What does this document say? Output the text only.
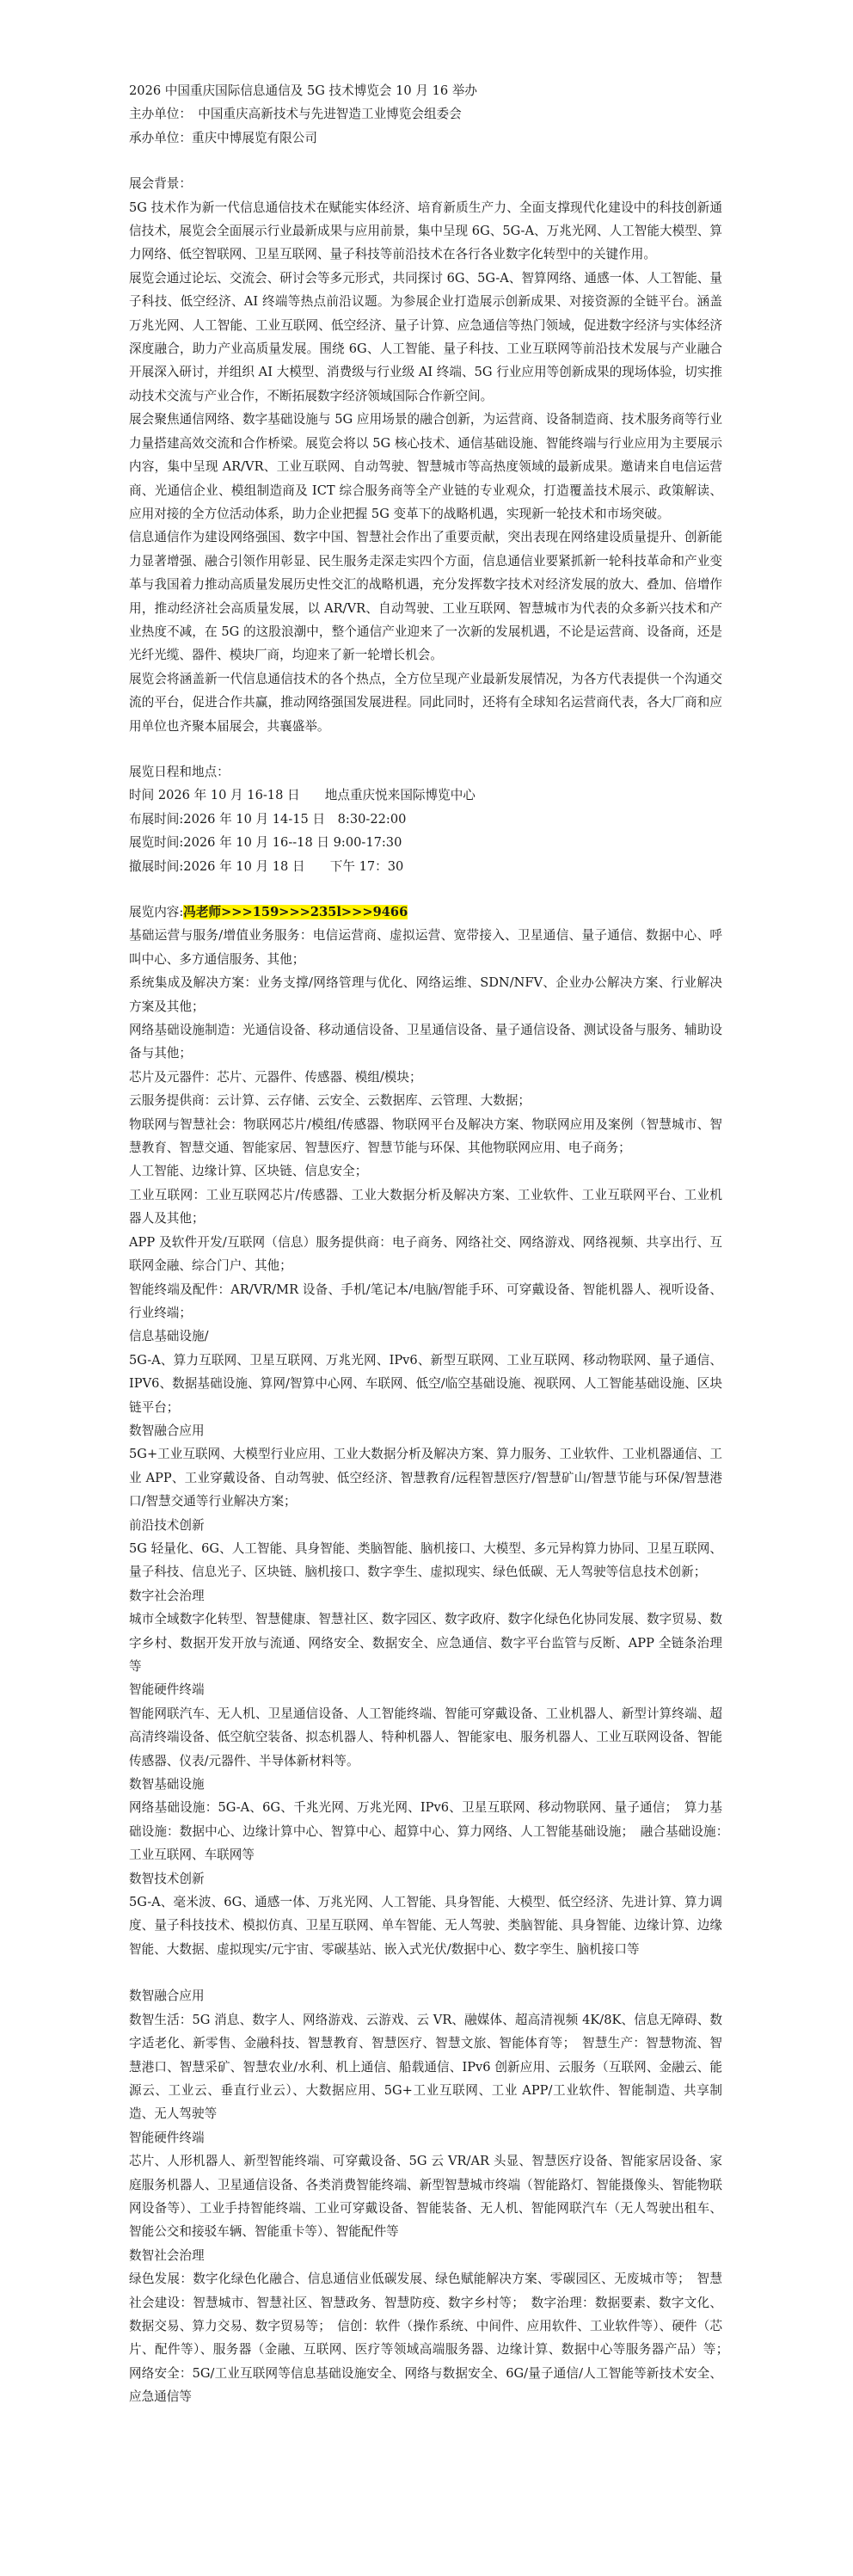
2026 中国重庆国际信息通信及 5G 技术博览会 10 月 16 举办

主办单位：　中国重庆高新技术与先进智造工业博览会组委会

承办单位：重庆中博展览有限公司

展会背景：

5G 技术作为新一代信息通信技术在赋能实体经济、培育新质生产力、全面支撑现代化建设中的科技创新通信技术，展览会全面展示行业最新成果与应用前景，集中呈现 6G、5G-A、万兆光网、人工智能大模型、算力网络、低空智联网、卫星互联网、量子科技等前沿技术在各行各业数字化转型中的关键作用。

展览会通过论坛、交流会、研讨会等多元形式，共同探讨 6G、5G-A、智算网络、通感一体、人工智能、量子科技、低空经济、AI 终端等热点前沿议题。为参展企业打造展示创新成果、对接资源的全链平台。涵盖万兆光网、人工智能、工业互联网、低空经济、量子计算、应急通信等热门领域，促进数字经济与实体经济深度融合，助力产业高质量发展。围绕 6G、人工智能、量子科技、工业互联网等前沿技术发展与产业融合开展深入研讨，并组织 AI 大模型、消费级与行业级 AI 终端、5G 行业应用等创新成果的现场体验，切实推动技术交流与产业合作，不断拓展数字经济领域国际合作新空间。

展会聚焦通信网络、数字基础设施与 5G 应用场景的融合创新，为运营商、设备制造商、技术服务商等行业力量搭建高效交流和合作桥梁。展览会将以 5G 核心技术、通信基础设施、智能终端与行业应用为主要展示内容，集中呈现 AR/VR、工业互联网、自动驾驶、智慧城市等高热度领域的最新成果。邀请来自电信运营商、光通信企业、模组制造商及 ICT 综合服务商等全产业链的专业观众，打造覆盖技术展示、政策解读、应用对接的全方位活动体系，助力企业把握 5G 变革下的战略机遇，实现新一轮技术和市场突破。

信息通信作为建设网络强国、数字中国、智慧社会作出了重要贡献，突出表现在网络建设质量提升、创新能力显著增强、融合引领作用彰显、民生服务走深走实四个方面，信息通信业要紧抓新一轮科技革命和产业变革与我国着力推动高质量发展历史性交汇的战略机遇，充分发挥数字技术对经济发展的放大、叠加、倍增作用，推动经济社会高质量发展，以 AR/VR、自动驾驶、工业互联网、智慧城市为代表的众多新兴技术和产业热度不减，在 5G 的这股浪潮中，整个通信产业迎来了一次新的发展机遇，不论是运营商、设备商，还是光纤光缆、器件、模块厂商，均迎来了新一轮增长机会。

展览会将涵盖新一代信息通信技术的各个热点，全方位呈现产业最新发展情况，为各方代表提供一个沟通交流的平台，促进合作共赢，推动网络强国发展进程。同此同时，还将有全球知名运营商代表，各大厂商和应用单位也齐聚本届展会，共襄盛举。

展览日程和地点：

时间 2026 年 10 月 16-18 日　　地点重庆悦来国际博览中心

布展时间:2026 年 10 月 14-15 日　8:30-22:00

展览时间:2026 年 10 月 16--18 日 9:00-17:30

撤展时间:2026 年 10 月 18 日　　下午 17：30

展览内容:冯老师>>>159>>>235l>>>9466

基础运营与服务/增值业务服务：电信运营商、虚拟运营、宽带接入、卫星通信、量子通信、数据中心、呼叫中心、多方通信服务、其他；

系统集成及解决方案：业务支撑/网络管理与优化、网络运维、SDN/NFV、企业办公解决方案、行业解决方案及其他；

网络基础设施制造：光通信设备、移动通信设备、卫星通信设备、量子通信设备、测试设备与服务、辅助设备与其他；

芯片及元器件：芯片、元器件、传感器、模组/模块；

云服务提供商：云计算、云存储、云安全、云数据库、云管理、大数据；

物联网与智慧社会：物联网芯片/模组/传感器、物联网平台及解决方案、物联网应用及案例（智慧城市、智慧教育、智慧交通、智能家居、智慧医疗、智慧节能与环保、其他物联网应用、电子商务；

人工智能、边缘计算、区块链、信息安全；

工业互联网：工业互联网芯片/传感器、工业大数据分析及解决方案、工业软件、工业互联网平台、工业机器人及其他；

APP 及软件开发/互联网（信息）服务提供商：电子商务、网络社交、网络游戏、网络视频、共享出行、互联网金融、综合门户、其他；

智能终端及配件：AR/VR/MR 设备、手机/笔记本/电脑/智能手环、可穿戴设备、智能机器人、视听设备、行业终端；

信息基础设施/

5G-A、算力互联网、卫星互联网、万兆光网、IPv6、新型互联网、工业互联网、移动物联网、量子通信、IPV6、数据基础设施、算网/智算中心网、车联网、低空/临空基础设施、视联网、人工智能基础设施、区块链平台；

数智融合应用

5G+工业互联网、大模型行业应用、工业大数据分析及解决方案、算力服务、工业软件、工业机器通信、工业 APP、工业穿戴设备、自动驾驶、低空经济、智慧教育/远程智慧医疗/智慧矿山/智慧节能与环保/智慧港口/智慧交通等行业解决方案；

前沿技术创新

5G 轻量化、6G、人工智能、具身智能、类脑智能、脑机接口、大模型、多元异构算力协同、卫星互联网、量子科技、信息光子、区块链、脑机接口、数字孪生、虚拟现实、绿色低碳、无人驾驶等信息技术创新；

数字社会治理

城市全域数字化转型、智慧健康、智慧社区、数字园区、数字政府、数字化绿色化协同发展、数字贸易、数字乡村、数据开发开放与流通、网络安全、数据安全、应急通信、数字平台监管与反断、APP 全链条治理等

智能硬件终端

智能网联汽车、无人机、卫星通信设备、人工智能终端、智能可穿戴设备、工业机器人、新型计算终端、超高清终端设备、低空航空装备、拟态机器人、特种机器人、智能家电、服务机器人、工业互联网设备、智能传感器、仪表/元器件、半导体新材料等。

数智基础设施

网络基础设施：5G-A、6G、千兆光网、万兆光网、IPv6、卫星互联网、移动物联网、量子通信；　算力基础设施：数据中心、边缘计算中心、智算中心、超算中心、算力网络、人工智能基础设施；　融合基础设施：　工业互联网、车联网等

数智技术创新

5G-A、毫米波、6G、通感一体、万兆光网、人工智能、具身智能、大模型、低空经济、先进计算、算力调度、量子科技技术、模拟仿真、卫星互联网、单车智能、无人驾驶、类脑智能、具身智能、边缘计算、边缘智能、大数据、虚拟现实/元宇宙、零碳基站、嵌入式光伏/数据中心、数字孪生、脑机接口等

数智融合应用

数智生活：5G 消息、数字人、网络游戏、云游戏、云 VR、融媒体、超高清视频 4K/8K、信息无障碍、数字适老化、新零售、金融科技、智慧教育、智慧医疗、智慧文旅、智能体育等；　智慧生产：智慧物流、智慧港口、智慧采矿、智慧农业/水利、机上通信、船载通信、IPv6 创新应用、云服务（互联网、金融云、能源云、工业云、垂直行业云）、大数据应用、5G+工业互联网、工业 APP/工业软件、智能制造、共享制造、无人驾驶等

智能硬件终端

芯片、人形机器人、新型智能终端、可穿戴设备、5G 云 VR/AR 头显、智慧医疗设备、智能家居设备、家庭服务机器人、卫星通信设备、各类消费智能终端、新型智慧城市终端（智能路灯、智能摄像头、智能物联网设备等）、工业手持智能终端、工业可穿戴设备、智能装备、无人机、智能网联汽车（无人驾驶出租车、智能公交和接驳车辆、智能重卡等）、智能配件等

数智社会治理

绿色发展：数字化绿色化融合、信息通信业低碳发展、绿色赋能解决方案、零碳园区、无废城市等；　智慧社会建设：智慧城市、智慧社区、智慧政务、智慧防疫、数字乡村等；　数字治理：数据要素、数字文化、数据交易、算力交易、数字贸易等；　信创：软件（操作系统、中间件、应用软件、工业软件等）、硬件（芯片、配件等）、服务器（金融、互联网、医疗等领域高端服务器、边缘计算、数据中心等服务器产品）等；　网络安全：5G/工业互联网等信息基础设施安全、网络与数据安全、6G/量子通信/人工智能等新技术安全、应急通信等
